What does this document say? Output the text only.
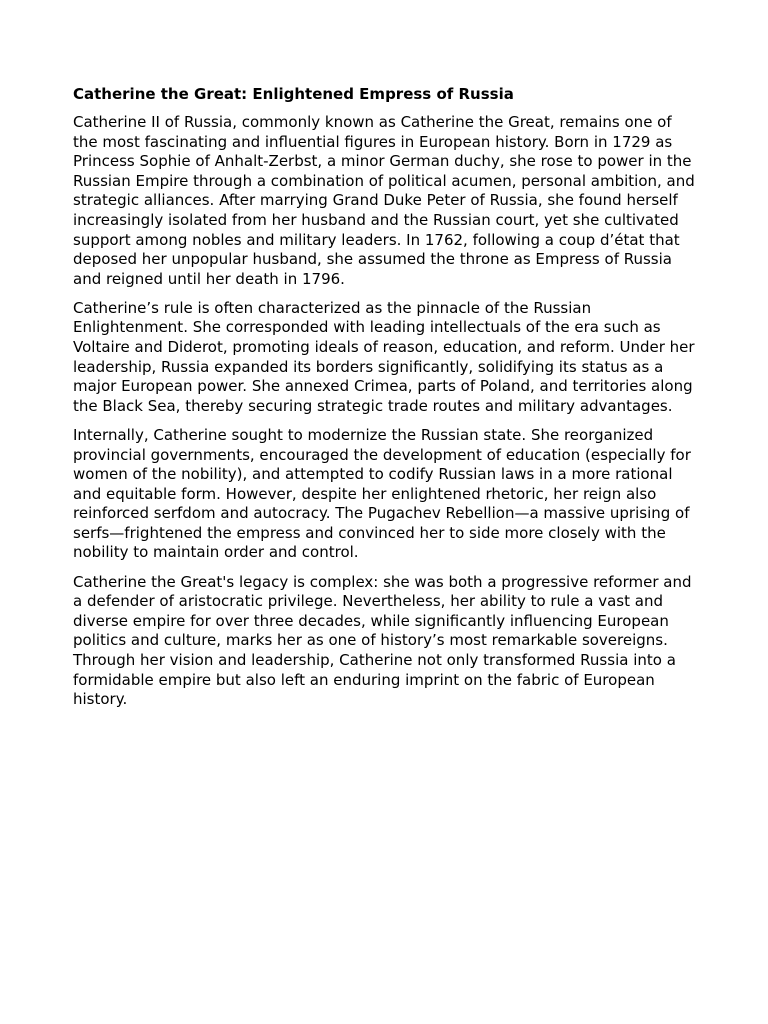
Catherine the Great: Enlightened Empress of Russia

Catherine II of Russia, commonly known as Catherine the Great, remains one of the most fascinating and influential figures in European history. Born in 1729 as Princess Sophie of Anhalt-Zerbst, a minor German duchy, she rose to power in the Russian Empire through a combination of political acumen, personal ambition, and strategic alliances. After marrying Grand Duke Peter of Russia, she found herself increasingly isolated from her husband and the Russian court, yet she cultivated support among nobles and military leaders. In 1762, following a coup d’état that deposed her unpopular husband, she assumed the throne as Empress of Russia and reigned until her death in 1796.

Catherine’s rule is often characterized as the pinnacle of the Russian Enlightenment. She corresponded with leading intellectuals of the era such as Voltaire and Diderot, promoting ideals of reason, education, and reform. Under her leadership, Russia expanded its borders significantly, solidifying its status as a major European power. She annexed Crimea, parts of Poland, and territories along the Black Sea, thereby securing strategic trade routes and military advantages.

Internally, Catherine sought to modernize the Russian state. She reorganized provincial governments, encouraged the development of education (especially for women of the nobility), and attempted to codify Russian laws in a more rational and equitable form. However, despite her enlightened rhetoric, her reign also reinforced serfdom and autocracy. The Pugachev Rebellion—a massive uprising of serfs—frightened the empress and convinced her to side more closely with the nobility to maintain order and control.

Catherine the Great's legacy is complex: she was both a progressive reformer and a defender of aristocratic privilege. Nevertheless, her ability to rule a vast and diverse empire for over three decades, while significantly influencing European politics and culture, marks her as one of history’s most remarkable sovereigns. Through her vision and leadership, Catherine not only transformed Russia into a formidable empire but also left an enduring imprint on the fabric of European history.
